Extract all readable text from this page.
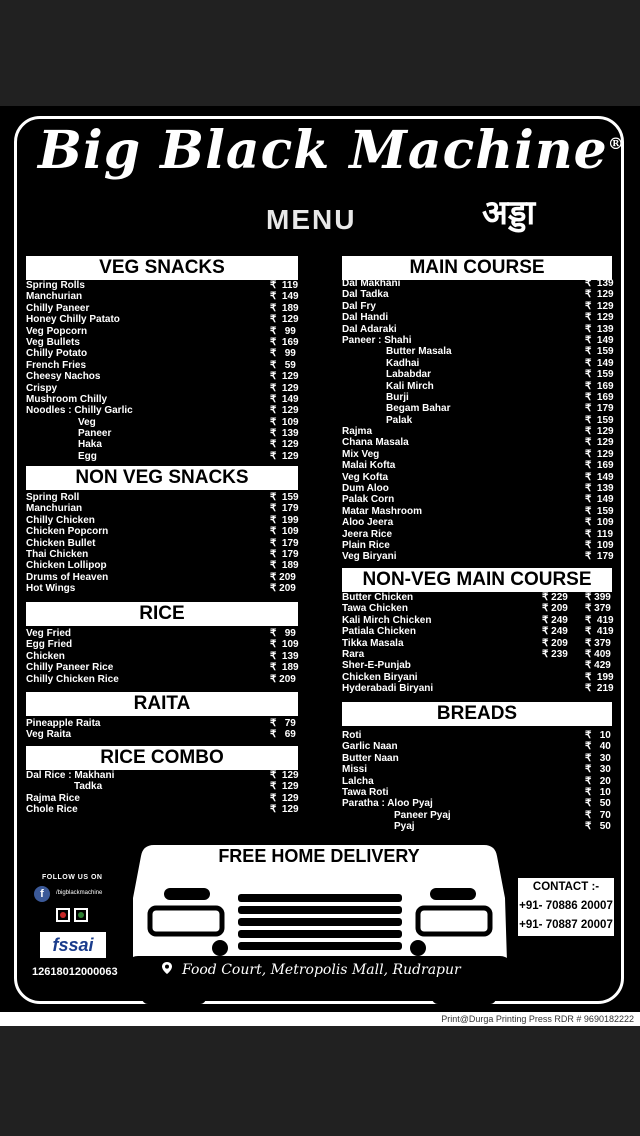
Big Black Machine®
अड्डा
MENU
VEG SNACKS
Spring Rolls	₹  119
Manchurian	₹  149
Chilly Paneer	₹  189
Honey Chilly Patato	₹  129
Veg Popcorn	₹   99
Veg Bullets	₹  169
Chilly Potato	₹   99
French Fries	₹   59
Cheesy Nachos	₹  129
Crispy	₹  129
Mushroom Chilly	₹  149
Noodles : Chilly Garlic	₹  129
Veg	₹  109
Paneer	₹  139
Haka	₹  129
Egg	₹  129
NON VEG SNACKS
Spring Roll	₹  159
Manchurian	₹  179
Chilly Chicken	₹  199
Chicken Popcorn	₹  109
Chicken Bullet	₹  179
Thai Chicken	₹  179
Chicken Lollipop	₹  189
Drums of Heaven	₹ 209
Hot Wings	₹ 209
RICE
Veg Fried	₹   99
Egg Fried	₹  109
Chicken	₹  139
Chilly Paneer Rice	₹  189
Chilly Chicken Rice	₹ 209
RAITA
Pineapple Raita	₹   79
Veg Raita	₹   69
RICE COMBO
Dal Rice : Makhani	₹  129
Tadka	₹  129
Rajma Rice	₹  129
Chole Rice	₹  129
MAIN COURSE
Dal Makhani	₹  139
Dal Tadka	₹  129
Dal Fry	₹  129
Dal Handi	₹  129
Dal Adaraki	₹  139
Paneer : Shahi	₹  149
Butter Masala	₹  159
Kadhai	₹  149
Lababdar	₹  159
Kali Mirch	₹  169
Burji	₹  169
Begam Bahar	₹  179
Palak	₹  159
Rajma	₹  129
Chana Masala	₹  129
Mix Veg	₹  129
Malai Kofta	₹  169
Veg Kofta	₹  149
Dum Aloo	₹  139
Palak Corn	₹  149
Matar Mashroom	₹  159
Aloo Jeera	₹  109
Jeera Rice	₹  119
Plain Rice	₹  109
Veg Biryani	₹  179
NON-VEG MAIN COURSE
Butter Chicken	₹ 229 ₹ 399
Tawa Chicken	₹ 209 ₹ 379
Kali Mirch Chicken	₹ 249 ₹  419
Patiala Chicken	₹ 249 ₹  419
Tikka Masala	₹ 209 ₹ 379
Rara	₹ 239 ₹ 409
Sher-E-Punjab	₹ 429
Chicken Biryani	₹  199
Hyderabadi Biryani	₹  219
BREADS
Roti	₹   10
Garlic Naan	₹   40
Butter Naan	₹   30
Missi	₹   30
Lalcha	₹   20
Tawa Roti	₹   10
Paratha : Aloo Pyaj	₹   50
Paneer Pyaj	₹   70
Pyaj	₹   50
FREE HOME DELIVERY
FOLLOW US ON
f	/bigblackmachine
fssai
12618012000063
CONTACT :-
+91- 70886 20007
+91- 70887 20007
Food Court, Metropolis Mall, Rudrapur
Print@Durga Printing Press RDR # 9690182222
